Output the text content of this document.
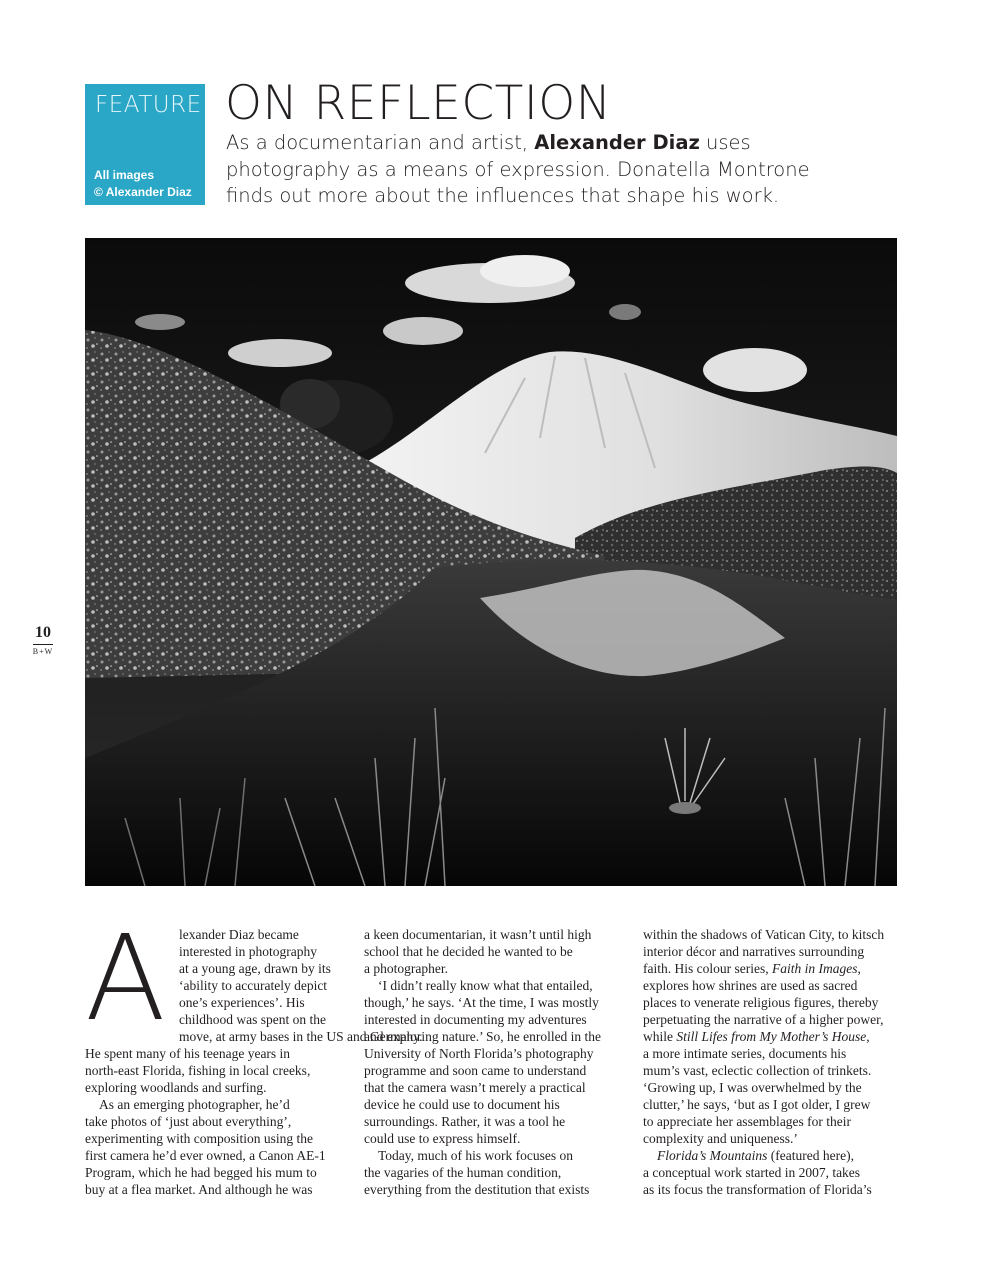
FEATURE
All images
© Alexander Diaz
ON REFLECTION
As a documentarian and artist, Alexander Diaz uses photography as a means of expression. Donatella Montrone finds out more about the influences that shape his work.
10
B+W
A lexander Diaz became
interested in photography
at a young age, drawn by its
‘ability to accurately depict
one’s experiences’. His
childhood was spent on the
move, at army bases in the US and Germany.
He spent many of his teenage years in
north-east Florida, fishing in local creeks,
exploring woodlands and surfing.

As an emerging photographer, he’d
take photos of ‘just about everything’,
experimenting with composition using the
first camera he’d ever owned, a Canon AE-1
Program, which he had begged his mum to
buy at a flea market. And although he was

a keen documentarian, it wasn’t until high
school that he decided he wanted to be
a photographer.

‘I didn’t really know what that entailed,
though,’ he says. ‘At the time, I was mostly
interested in documenting my adventures
and exploring nature.’ So, he enrolled in the
University of North Florida’s photography
programme and soon came to understand
that the camera wasn’t merely a practical
device he could use to document his
surroundings. Rather, it was a tool he
could use to express himself.

Today, much of his work focuses on
the vagaries of the human condition,
everything from the destitution that exists

within the shadows of Vatican City, to kitsch
interior décor and narratives surrounding
faith. His colour series, Faith in Images,
explores how shrines are used as sacred
places to venerate religious figures, thereby
perpetuating the narrative of a higher power,
while Still Lifes from My Mother’s House,
a more intimate series, documents his
mum’s vast, eclectic collection of trinkets.
‘Growing up, I was overwhelmed by the
clutter,’ he says, ‘but as I got older, I grew
to appreciate her assemblages for their
complexity and uniqueness.’

Florida’s Mountains (featured here),
a conceptual work started in 2007, takes
as its focus the transformation of Florida’s
